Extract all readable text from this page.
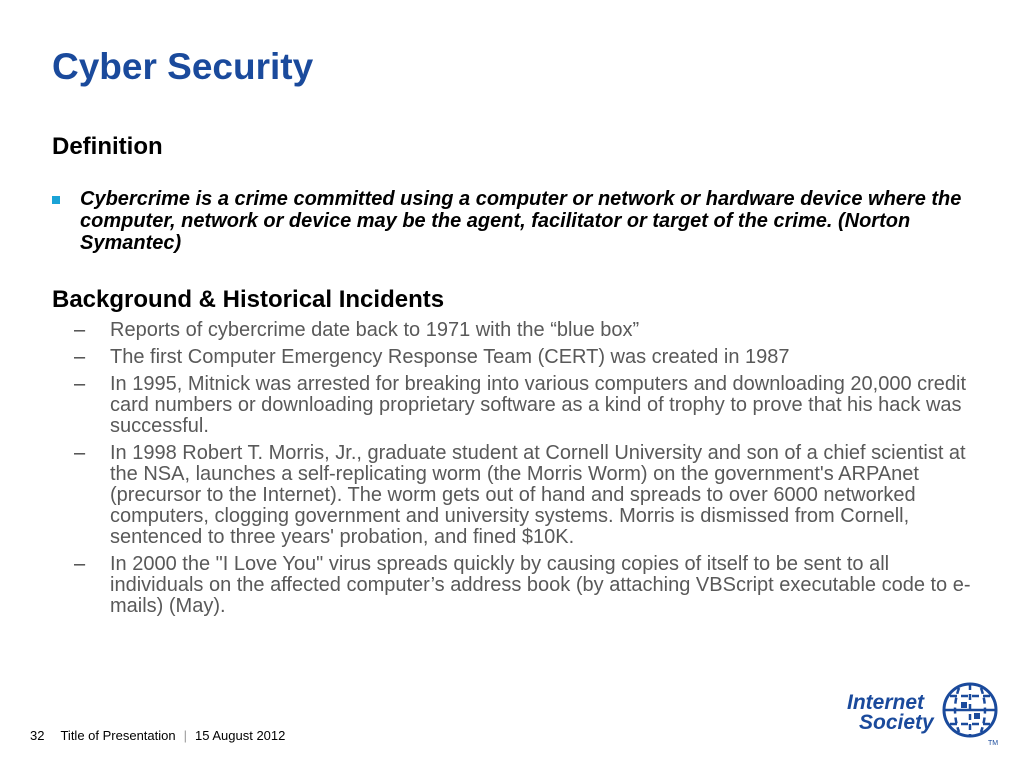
Cyber Security
Definition
Cybercrime is a crime committed using a computer or network or hardware device where the computer, network or device may be the agent, facilitator or target of the crime. (Norton Symantec)
Background & Historical Incidents
–	Reports of cybercrime date back to 1971 with the “blue box”
–	The first Computer Emergency Response Team (CERT) was created in 1987
–	In 1995, Mitnick was arrested for breaking into various computers and downloading 20,000 credit card numbers or downloading proprietary software as a kind of trophy to prove that his hack was successful.
–	In 1998 Robert T. Morris, Jr., graduate student at Cornell University and son of a chief scientist at the NSA, launches a self-replicating worm (the Morris Worm) on the government's ARPAnet (precursor to the Internet). The worm gets out of hand and spreads to over 6000 networked computers, clogging government and university systems. Morris is dismissed from Cornell, sentenced to three years' probation, and fined $10K.
–	In 2000 the "I Love You" virus spreads quickly by causing copies of itself to be sent to all individuals on the affected computer’s address book (by attaching VBScript executable code to e-mails) (May).
32 Title of Presentation | 15 August 2012
Internet
Society
TM
